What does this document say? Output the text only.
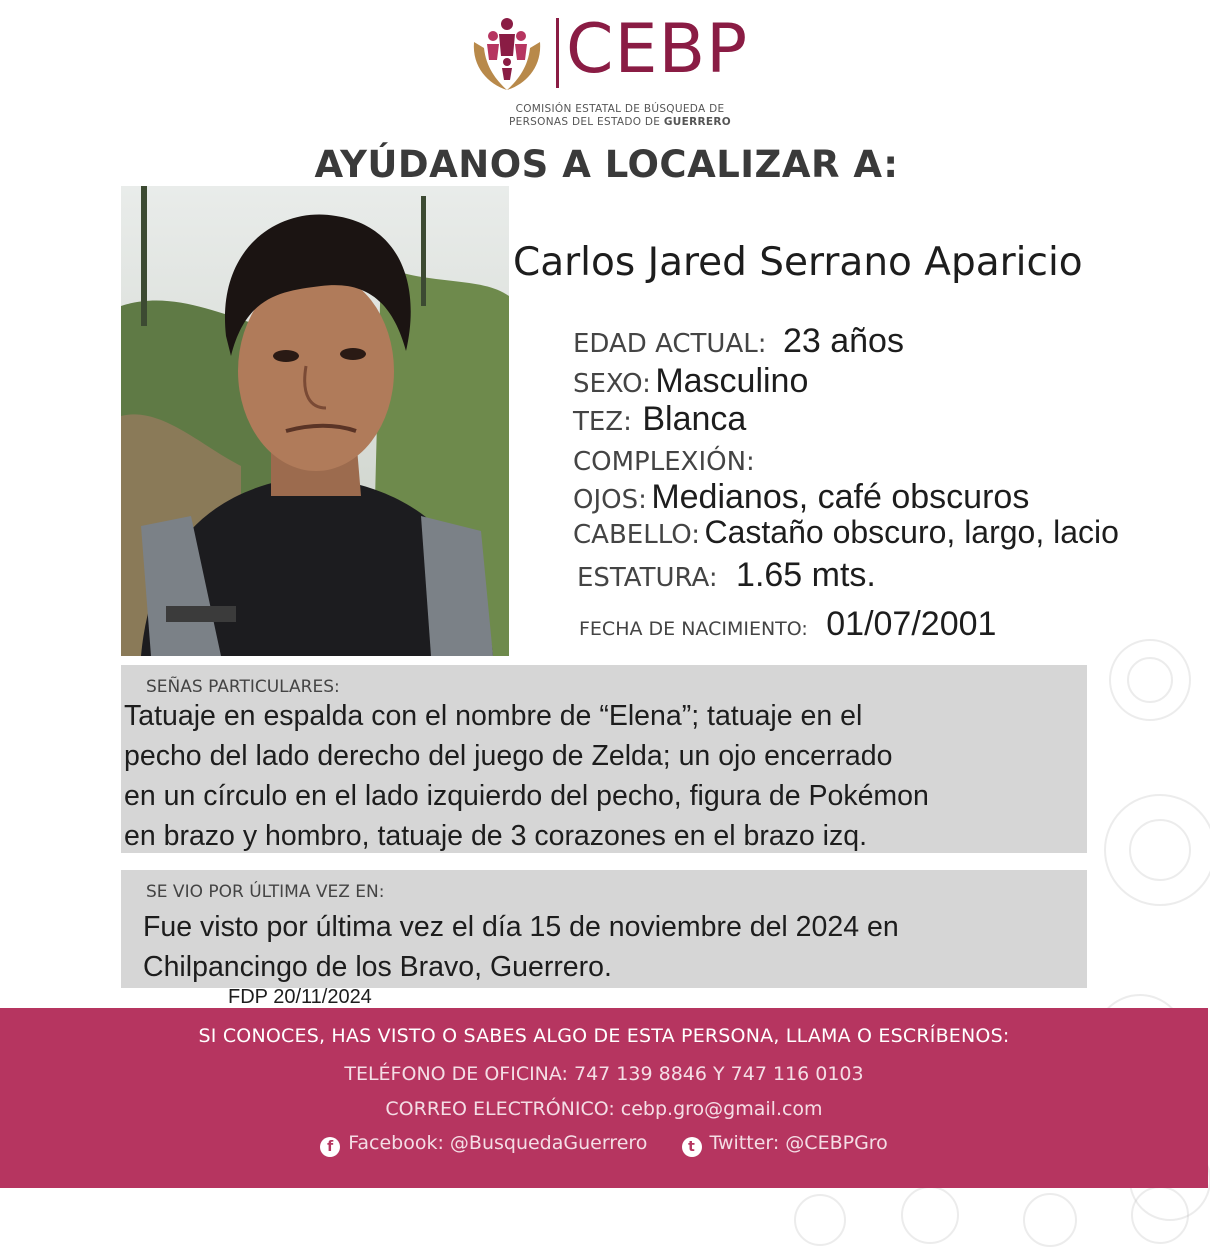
CEBP
COMISIÓN ESTATAL DE BÚSQUEDA DE
PERSONAS DEL ESTADO DE GUERRERO
AYÚDANOS A LOCALIZAR A:
Carlos Jared Serrano Aparicio
EDAD ACTUAL: 23 años
SEXO: Masculino
TEZ: Blanca
COMPLEXIÓN:
OJOS: Medianos, café obscuros
CABELLO: Castaño obscuro, largo, lacio
ESTATURA: 1.65 mts.
FECHA DE NACIMIENTO: 01/07/2001
SEÑAS PARTICULARES:
Tatuaje en espalda con el nombre de “Elena”; tatuaje en el
pecho del lado derecho del juego de Zelda; un ojo encerrado
en un círculo en el lado izquierdo del pecho, figura de Pokémon
en brazo y hombro, tatuaje de 3 corazones en el brazo izq.
SE VIO POR ÚLTIMA VEZ EN:
Fue visto por última vez el día 15 de noviembre del 2024 en
Chilpancingo de los Bravo, Guerrero.
FDP 20/11/2024
SI CONOCES, HAS VISTO O SABES ALGO DE ESTA PERSONA, LLAMA O ESCRÍBENOS:
TELÉFONO DE OFICINA: 747 139 8846 Y 747 116 0103
CORREO ELECTRÓNICO: cebp.gro@gmail.com
f Facebook: @BusquedaGuerrero	t Twitter: @CEBPGro
